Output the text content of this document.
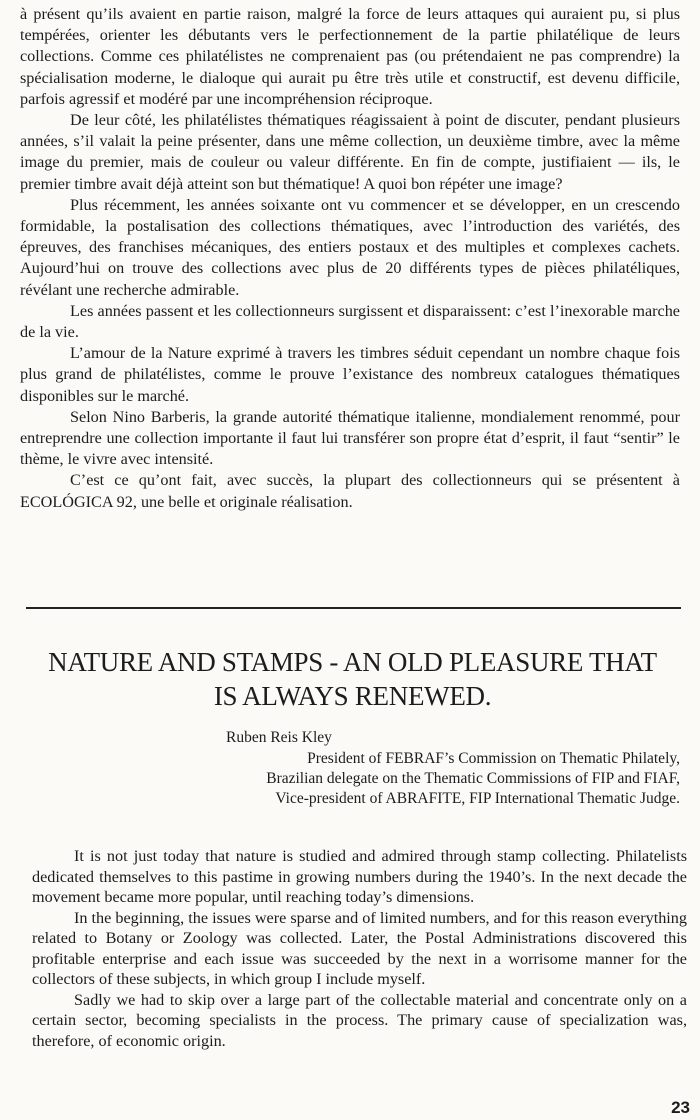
à présent qu’ils avaient en partie raison, malgré la force de leurs attaques qui auraient pu, si plus tempérées, orienter les débutants vers le perfectionnement de la partie philatélique de leurs collections. Comme ces philatélistes ne comprenaient pas (ou prétendaient ne pas comprendre) la spécialisation moderne, le dialoque qui aurait pu être très utile et constructif, est devenu difficile, parfois agressif et modéré par une incompréhension réciproque.

De leur côté, les philatélistes thématiques réagissaient à point de discuter, pendant plusieurs années, s’il valait la peine présenter, dans une même collection, un deuxième timbre, avec la même image du premier, mais de couleur ou valeur différente. En fin de compte, justifiaient — ils, le premier timbre avait déjà atteint son but thématique! A quoi bon répéter une image?

Plus récemment, les années soixante ont vu commencer et se développer, en un crescendo formidable, la postalisation des collections thématiques, avec l’introduction des variétés, des épreuves, des franchises mécaniques, des entiers postaux et des multiples et complexes cachets. Aujourd’hui on trouve des collections avec plus de 20 différents types de pièces philatéliques, révélant une recherche admirable.

Les années passent et les collectionneurs surgissent et disparaissent: c’est l’inexorable marche de la vie.

L’amour de la Nature exprimé à travers les timbres séduit cependant un nombre chaque fois plus grand de philatélistes, comme le prouve l’existance des nombreux catalogues thématiques disponibles sur le marché.

Selon Nino Barberis, la grande autorité thématique italienne, mondialement renommé, pour entreprendre une collection importante il faut lui transférer son propre état d’esprit, il faut “sentir” le thème, le vivre avec intensité.

C’est ce qu’ont fait, avec succès, la plupart des collectionneurs qui se présentent à ECOLÓGICA 92, une belle et originale réalisation.

NATURE AND STAMPS - AN OLD PLEASURE THAT
IS ALWAYS RENEWED.
Ruben Reis Kley
President of FEBRAF’s Commission on Thematic Philately,
Brazilian delegate on the Thematic Commissions of FIP and FIAF,
Vice-president of ABRAFITE, FIP International Thematic Judge.

It is not just today that nature is studied and admired through stamp collecting. Philatelists dedicated themselves to this pastime in growing numbers during the 1940’s. In the next decade the movement became more popular, until reaching today’s dimensions.

In the beginning, the issues were sparse and of limited numbers, and for this reason everything related to Botany or Zoology was collected. Later, the Postal Administrations discovered this profitable enterprise and each issue was succeeded by the next in a worrisome manner for the collectors of these subjects, in which group I include myself.

Sadly we had to skip over a large part of the collectable material and concentrate only on a certain sector, becoming specialists in the process. The primary cause of specialization was, therefore, of economic origin.

23
